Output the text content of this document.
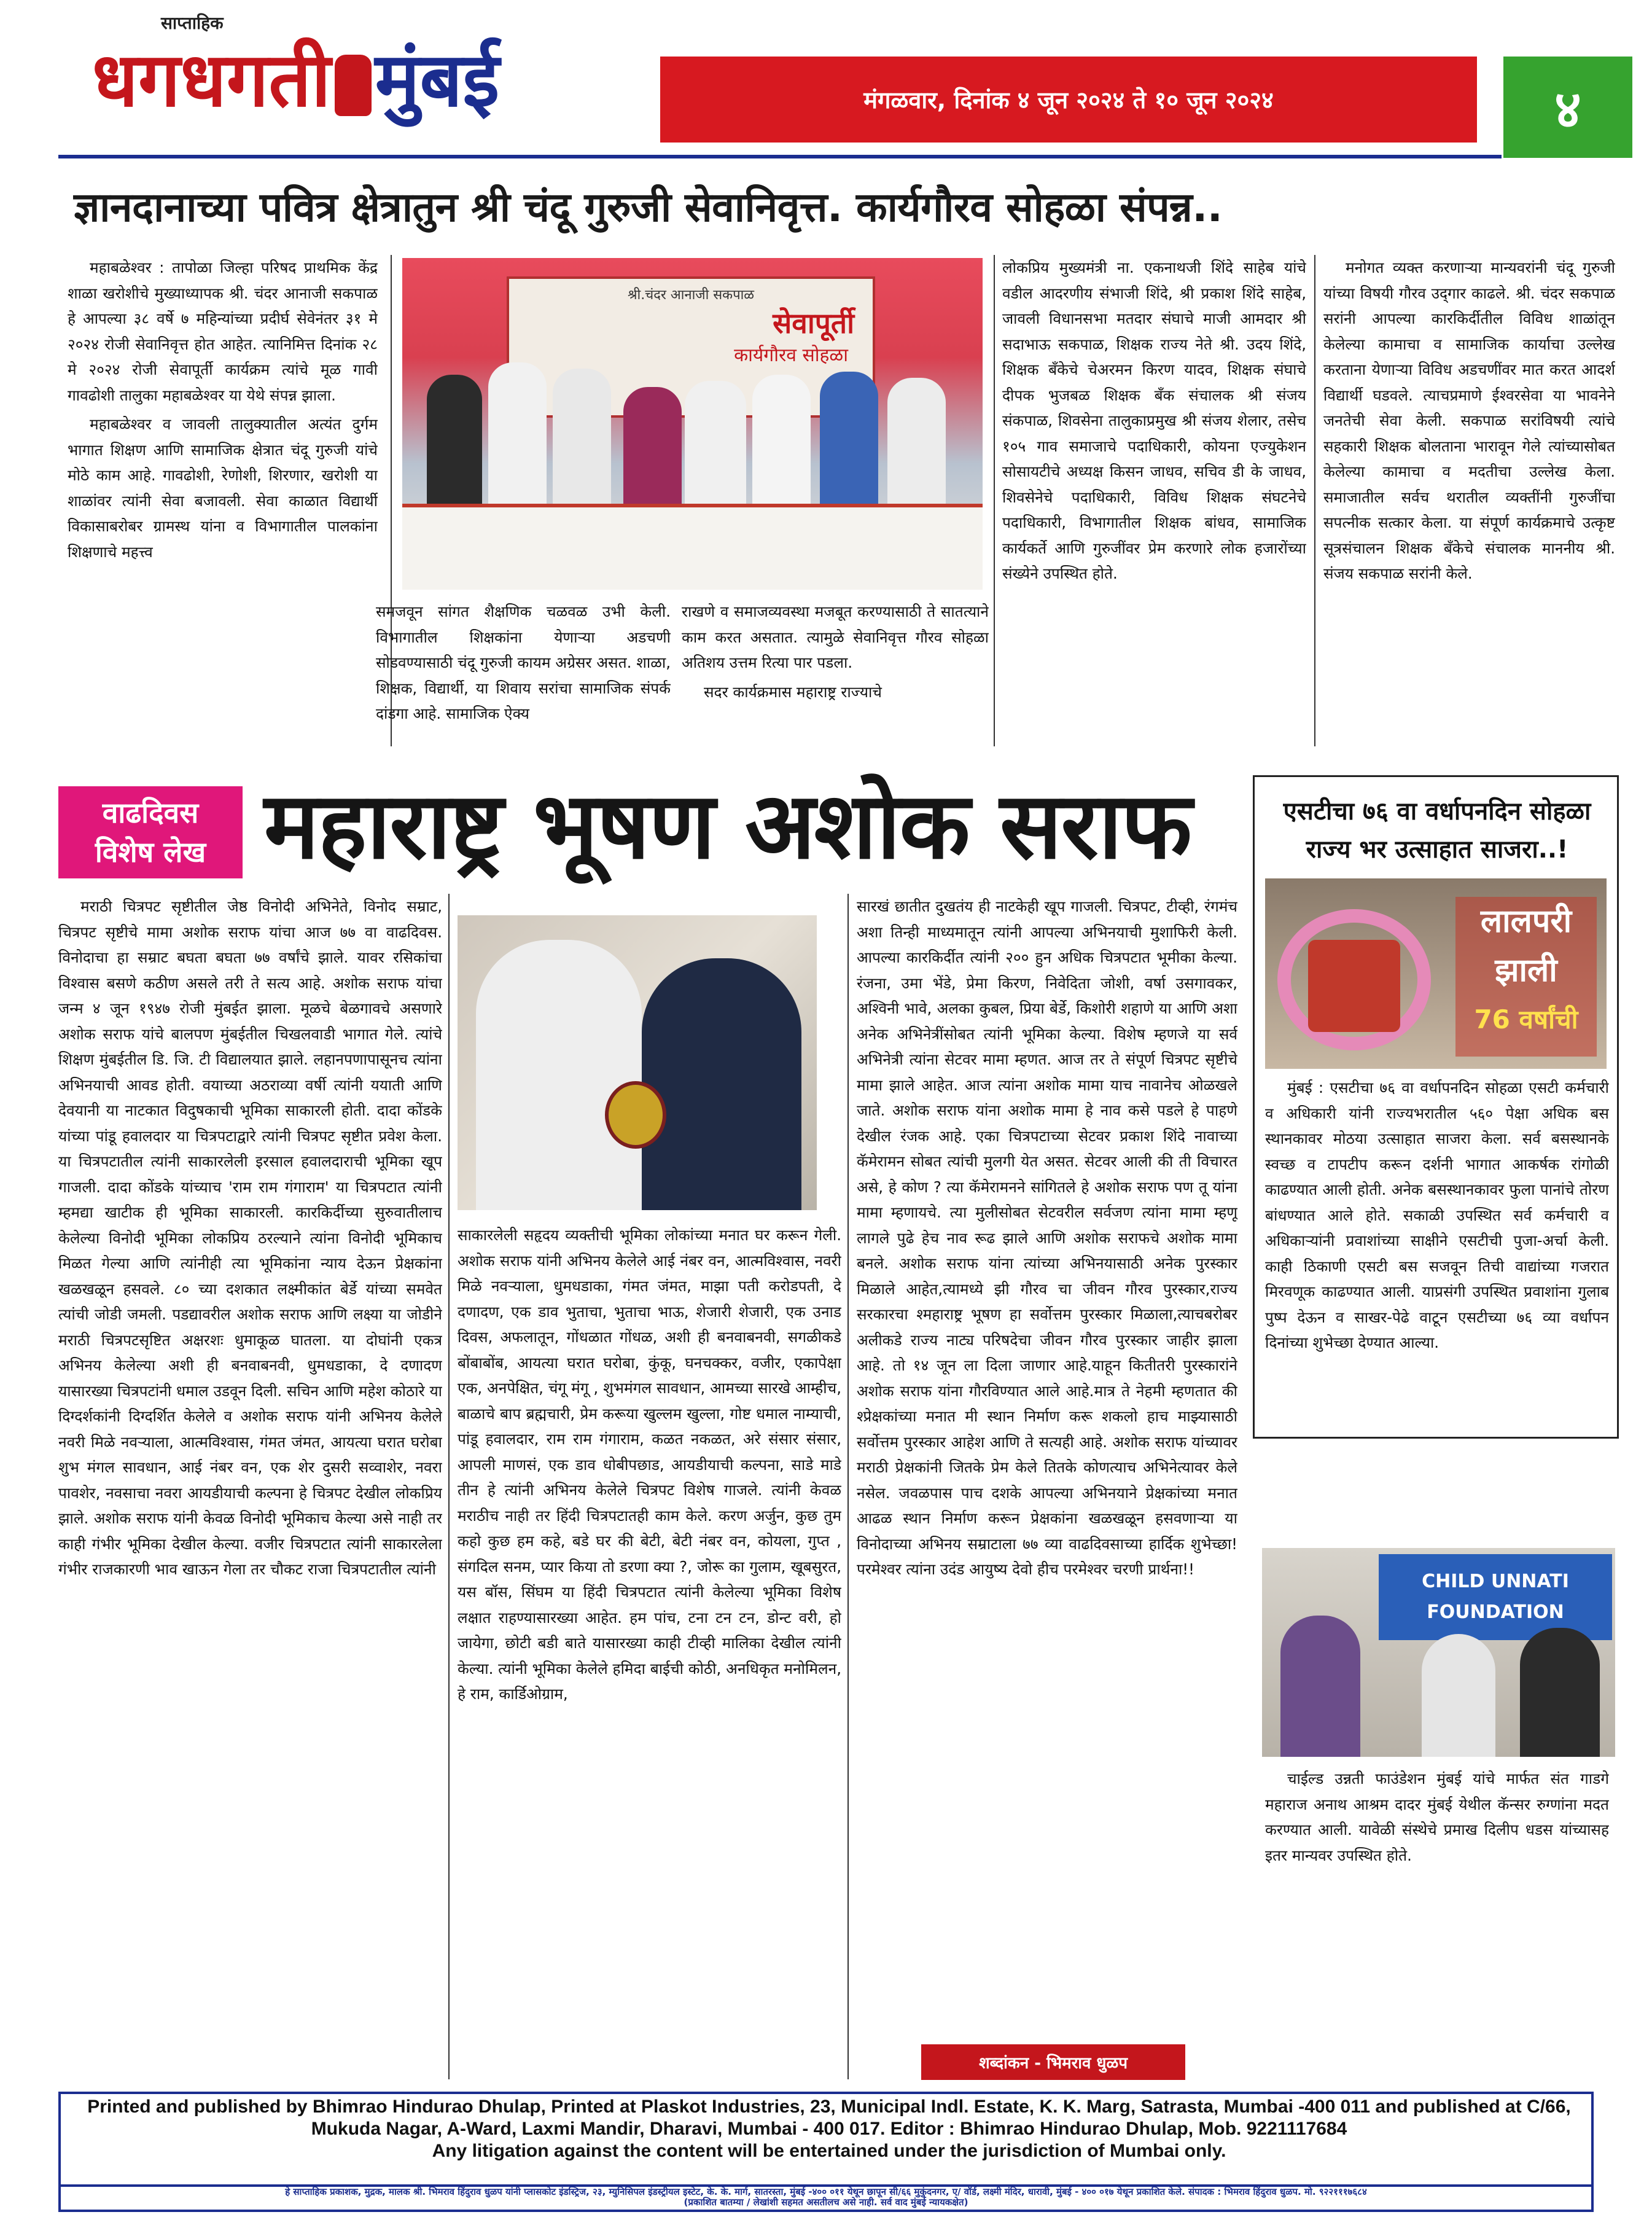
साप्ताहिक
धगधगती मुंबई	मंगळवार, दिनांक ४ जून २०२४ ते १० जून २०२४	४
ज्ञानदानाच्या पवित्र क्षेत्रातुन श्री चंदू गुरुजी सेवानिवृत्त. कार्यगौरव सोहळा संपन्न..

महाबळेश्वर : तापोळा जिल्हा परिषद प्राथमिक केंद्र शाळा खरोशीचे मुख्याध्यापक श्री. चंदर आनाजी सकपाळ हे आपल्या ३८ वर्षे ७ महिन्यांच्या प्रदीर्घ सेवेनंतर ३१ मे २०२४ रोजी सेवानिवृत्त होत आहेत. त्यानिमित्त दिनांक २८ मे २०२४ रोजी सेवापूर्ती कार्यक्रम त्यांचे मूळ गावी गावढोशी तालुका महाबळेश्वर या येथे संपन्न झाला.

महाबळेश्वर व जावली तालुक्यातील अत्यंत दुर्गम भागात शिक्षण आणि सामाजिक क्षेत्रात चंदू गुरुजी यांचे मोठे काम आहे. गावढोशी, रेणोशी, शिरणार, खरोशी या शाळांवर त्यांनी सेवा बजावली. सेवा काळात विद्यार्थी विकासाबरोबर ग्रामस्थ यांना व विभागातील पालकांना शिक्षणाचे महत्त्व

श्री.चंदर आनाजी सकपाळ
सेवापूर्ती
कार्यगौरव सोहळा

समजवून सांगत शैक्षणिक चळवळ उभी केली. विभागातील शिक्षकांना येणाऱ्या अडचणी सोडवण्यासाठी चंदू गुरुजी कायम अग्रेसर असत. शाळा, शिक्षक, विद्यार्थी, या शिवाय सरांचा सामाजिक संपर्क दांडगा आहे. सामाजिक ऐक्य

राखणे व समाजव्यवस्था मजबूत करण्यासाठी ते सातत्याने काम करत असतात. त्यामुळे सेवानिवृत्त गौरव सोहळा अतिशय उत्तम रित्या पार पडला.

सदर कार्यक्रमास महाराष्ट्र राज्याचे

लोकप्रिय मुख्यमंत्री ना. एकनाथजी शिंदे साहेब यांचे वडील आदरणीय संभाजी शिंदे, श्री प्रकाश शिंदे साहेब, जावली विधानसभा मतदार संघाचे माजी आमदार श्री सदाभाऊ सकपाळ, शिक्षक राज्य नेते श्री. उदय शिंदे, शिक्षक बँकेचे चेअरमन किरण यादव, शिक्षक संघाचे दीपक भुजबळ शिक्षक बँक संचालक श्री संजय संकपाळ, शिवसेना तालुकाप्रमुख श्री संजय शेलार, तसेच १०५ गाव समाजाचे पदाधिकारी, कोयना एज्युकेशन सोसायटीचे अध्यक्ष किसन जाधव, सचिव डी के जाधव, शिवसेनेचे पदाधिकारी, विविध शिक्षक संघटनेचे पदाधिकारी, विभागातील शिक्षक बांधव, सामाजिक कार्यकर्ते आणि गुरुजींवर प्रेम करणारे लोक हजारोंच्या संख्येने उपस्थित होते.

मनोगत व्यक्त करणाऱ्या मान्यवरांनी चंदू गुरुजी यांच्या विषयी गौरव उद्‌गार काढले. श्री. चंदर सकपाळ सरांनी आपल्या कारकिर्दीतील विविध शाळांतून केलेल्या कामाचा व सामाजिक कार्याचा उल्लेख करताना येणाऱ्या विविध अडचणींवर मात करत आदर्श विद्यार्थी घडवले. त्याचप्रमाणे ईश्वरसेवा या भावनेने जनतेची सेवा केली. सकपाळ सरांविषयी त्यांचे सहकारी शिक्षक बोलताना भारावून गेले त्यांच्यासोबत केलेल्या कामाचा व मदतीचा उल्लेख केला. समाजातील सर्वच थरातील व्यक्तींनी गुरुजींचा सपत्नीक सत्कार केला. या संपूर्ण कार्यक्रमाचे उत्कृष्ट सूत्रसंचालन शिक्षक बँकेचे संचालक माननीय श्री. संजय सकपाळ सरांनी केले.

वाढदिवस
विशेष लेख महाराष्ट्र भूषण अशोक सराफ

मराठी चित्रपट सृष्टीतील जेष्ठ विनोदी अभिनेते, विनोद सम्राट, चित्रपट सृष्टीचे मामा अशोक सराफ यांचा आज ७७ वा वाढदिवस. विनोदाचा हा सम्राट बघता बघता ७७ वर्षांचे झाले. यावर रसिकांचा विश्वास बसणे कठीण असले तरी ते सत्य आहे. अशोक सराफ यांचा जन्म ४ जून १९४७ रोजी मुंबईत झाला. मूळचे बेळगावचे असणारे अशोक सराफ यांचे बालपण मुंबईतील चिखलवाडी भागात गेले. त्यांचे शिक्षण मुंबईतील डि. जि. टी विद्यालयात झाले. लहानपणापासूनच त्यांना अभिनयाची आवड होती. वयाच्या अठराव्या वर्षी त्यांनी ययाती आणि देवयानी या नाटकात विदुषकाची भूमिका साकारली होती. दादा कोंडके यांच्या पांडू हवालदार या चित्रपटाद्वारे त्यांनी चित्रपट सृष्टीत प्रवेश केला. या चित्रपटातील त्यांनी साकारलेली इरसाल हवालदाराची भूमिका खूप गाजली. दादा कोंडके यांच्याच 'राम राम गंगाराम' या चित्रपटात त्यांनी म्हमद्या खाटीक ही भूमिका साकारली. कारकिर्दीच्या सुरुवातीलाच केलेल्या विनोदी भूमिका लोकप्रिय ठरल्याने त्यांना विनोदी भूमिकाच मिळत गेल्या आणि त्यांनीही त्या भूमिकांना न्याय देऊन प्रेक्षकांना खळखळून हसवले. ८० च्या दशकात लक्ष्मीकांत बेर्डे यांच्या समवेत त्यांची जोडी जमली. पडद्यावरील अशोक सराफ आणि लक्ष्या या जोडीने मराठी चित्रपटसृष्टित अक्षरशः धुमाकूळ घातला. या दोघांनी एकत्र अभिनय केलेल्या अशी ही बनवाबनवी, धुमधडाका, दे दणादण यासारख्या चित्रपटांनी धमाल उडवून दिली. सचिन आणि महेश कोठारे या दिग्दर्शकांनी दिग्दर्शित केलेले व अशोक सराफ यांनी अभिनय केलेले नवरी मिळे नवऱ्याला, आत्मविश्वास, गंमत जंमत, आयत्या घरात घरोबा शुभ मंगल सावधान, आई नंबर वन, एक शेर दुसरी सव्वाशेर, नवरा पावशेर, नवसाचा नवरा आयडीयाची कल्पना हे चित्रपट देखील लोकप्रिय झाले. अशोक सराफ यांनी केवळ विनोदी भूमिकाच केल्या असे नाही तर काही गंभीर भूमिका देखील केल्या. वजीर चित्रपटात त्यांनी साकारलेला गंभीर राजकारणी भाव खाऊन गेला तर चौकट राजा चित्रपटातील त्यांनी

साकारलेली सहृदय व्यक्तीची भूमिका लोकांच्या मनात घर करून गेली. अशोक सराफ यांनी अभिनय केलेले आई नंबर वन, आत्मविश्वास, नवरी मिळे नवऱ्याला, धुमधडाका, गंमत जंमत, माझा पती करोडपती, दे दणादण, एक डाव भुताचा, भुताचा भाऊ, शेजारी शेजारी, एक उनाड दिवस, अफलातून, गोंधळात गोंधळ, अशी ही बनवाबनवी, सगळीकडे बोंबाबोंब, आयत्या घरात घरोबा, कुंकू, घनचक्कर, वजीर, एकापेक्षा एक, अनपेक्षित, चंगू मंगू , शुभमंगल सावधान, आमच्या सारखे आम्हीच, बाळाचे बाप ब्रह्मचारी, प्रेम करूया खुल्लम खुल्ला, गोष्ट धमाल नाम्याची, पांडू हवालदार, राम राम गंगाराम, कळत नकळत, अरे संसार संसार, आपली माणसं, एक डाव धोबीपछाड, आयडीयाची कल्पना, साडे माडे तीन हे त्यांनी अभिनय केलेले चित्रपट विशेष गाजले. त्यांनी केवळ मराठीच नाही तर हिंदी चित्रपटातही काम केले. करण अर्जुन, कुछ तुम कहो कुछ हम कहे, बडे घर की बेटी, बेटी नंबर वन, कोयला, गुप्त , संगदिल सनम, प्यार किया तो डरणा क्या ?, जोरू का गुलाम, खूबसुरत, यस बॉस, सिंघम या हिंदी चित्रपटात त्यांनी केलेल्या भूमिका विशेष लक्षात राहण्यासारख्या आहेत. हम पांच, टना टन टन, डोन्ट वरी, हो जायेगा, छोटी बडी बाते यासारख्या काही टीव्ही मालिका देखील त्यांनी केल्या. त्यांनी भूमिका केलेले हमिदा बाईची कोठी, अनधिकृत मनोमिलन, हे राम, कार्डिओग्राम,

सारखं छातीत दुखतंय ही नाटकेही खूप गाजली. चित्रपट, टीव्ही, रंगमंच अशा तिन्ही माध्यमातून त्यांनी आपल्या अभिनयाची मुशाफिरी केली. आपल्या कारकिर्दीत त्यांनी २०० हुन अधिक चित्रपटात भूमीका केल्या. रंजना, उमा भेंडे, प्रेमा किरण, निवेदिता जोशी, वर्षा उसगावकर, अश्विनी भावे, अलका कुबल, प्रिया बेर्डे, किशोरी शहाणे या आणि अशा अनेक अभिनेत्रींसोबत त्यांनी भूमिका केल्या. विशेष म्हणजे या सर्व अभिनेत्री त्यांना सेटवर मामा म्हणत. आज तर ते संपूर्ण चित्रपट सृष्टीचे मामा झाले आहेत. आज त्यांना अशोक मामा याच नावानेच ओळखले जाते. अशोक सराफ यांना अशोक मामा हे नाव कसे पडले हे पाहणे देखील रंजक आहे. एका चित्रपटाच्या सेटवर प्रकाश शिंदे नावाच्या कॅमेरामन सोबत त्यांची मुलगी येत असत. सेटवर आली की ती विचारत असे, हे कोण ? त्या कॅमेरामनने सांगितले हे अशोक सराफ पण तू यांना मामा म्हणायचे. त्या मुलीसोबत सेटवरील सर्वजण त्यांना मामा म्हणू लागले पुढे हेच नाव रूढ झाले आणि अशोक सराफचे अशोक मामा बनले. अशोक सराफ यांना त्यांच्या अभिनयासाठी अनेक पुरस्कार मिळाले आहेत,त्यामध्ये झी गौरव चा जीवन गौरव पुरस्कार,राज्य सरकारचा श्महाराष्ट्र भूषण हा सर्वोत्तम पुरस्कार मिळाला,त्याचबरोबर अलीकडे राज्य नाट्य परिषदेचा जीवन गौरव पुरस्कार जाहीर झाला आहे. तो १४ जून ला दिला जाणार आहे.याहून कितीतरी पुरस्कारांने अशोक सराफ यांना गौरविण्यात आले आहे.मात्र ते नेहमी म्हणतात की श्प्रेक्षकांच्या मनात मी स्थान निर्माण करू शकलो हाच माझ्यासाठी सर्वोत्तम पुरस्कार आहेश आणि ते सत्यही आहे. अशोक सराफ यांच्यावर मराठी प्रेक्षकांनी जितके प्रेम केले तितके कोणत्याच अभिनेत्यावर केले नसेल. जवळपास पाच दशके आपल्या अभिनयाने प्रेक्षकांच्या मनात आढळ स्थान निर्माण करून प्रेक्षकांना खळखळून हसवणाऱ्या या विनोदाच्या अभिनय सम्राटाला ७७ व्या वाढदिवसाच्या हार्दिक शुभेच्छा! परमेश्वर त्यांना उदंड आयुष्य देवो हीच परमेश्वर चरणी प्रार्थना!!

शब्दांकन - भिमराव धुळप
एसटीचा ७६ वा वर्धापनदिन सोहळा राज्य भर उत्साहात साजरा..!
लालपरी
झाली
76 वर्षांची

मुंबई : एसटीचा ७६ वा वर्धापनदिन सोहळा एसटी कर्मचारी व अधिकारी यांनी राज्यभरातील ५६० पेक्षा अधिक बस स्थानकावर मोठया उत्साहात साजरा केला. सर्व बसस्थानके स्वच्छ व टापटीप करून दर्शनी भागात आकर्षक रांगोळी काढण्यात आली होती. अनेक बसस्थानकावर फुला पानांचे तोरण बांधण्यात आले होते. सकाळी उपस्थित सर्व कर्मचारी व अधिकाऱ्यांनी प्रवाशांच्या साक्षीने एसटीची पुजा-अर्चा केली. काही ठिकाणी एसटी बस सजवून तिची वाद्यांच्या गजरात मिरवणूक काढण्यात आली. याप्रसंगी उपस्थित प्रवाशांना गुलाब पुष्प देऊन व साखर-पेढे वाटून एसटीच्या ७६ व्या वर्धापन दिनांच्या शुभेच्छा देण्यात आल्या.

CHILD UNNATI FOUNDATION

चाईल्ड उन्नती फाउंडेशन मुंबई यांचे मार्फत संत गाडगे महाराज अनाथ आश्रम दादर मुंबई येथील कॅन्सर रुग्णांना मदत करण्यात आली. यावेळी संस्थेचे प्रमाख दिलीप धडस यांच्यासह इतर मान्यवर उपस्थित होते.

Printed and published by Bhimrao Hindurao Dhulap, Printed at Plaskot Industries, 23, Municipal Indl. Estate, K. K. Marg, Satrasta, Mumbai -400 011 and published at C/66, Mukuda Nagar, A-Ward, Laxmi Mandir, Dharavi, Mumbai - 400 017. Editor : Bhimrao Hindurao Dhulap, Mob. 9221117684
Any litigation against the content will be entertained under the jurisdiction of Mumbai only.
हे साप्ताहिक प्रकाशक, मुद्रक, मालक श्री. भिमराव हिंदुराव धुळप यांनी प्लासकोट इंडस्ट्रिज, २३, म्युनिसिपल इंडस्ट्रीयल इस्टेट, के. के. मार्ग, सातरस्ता, मुंबई -४०० ०११ येथून छापून सी/६६ मुकुंदनगर, ए/ वॉर्ड, लक्ष्मी मंदिर, धारावी, मुंबई - ४०० ०१७ येथून प्रकाशित केले. संपादक : भिमराव हिंदुराव धुळप. मो. ९२२१११७६८४
(प्रकाशित बातम्या / लेखांशी सहमत असतीलच असे नाही. सर्व वाद मुंबई न्यायकक्षेत)
